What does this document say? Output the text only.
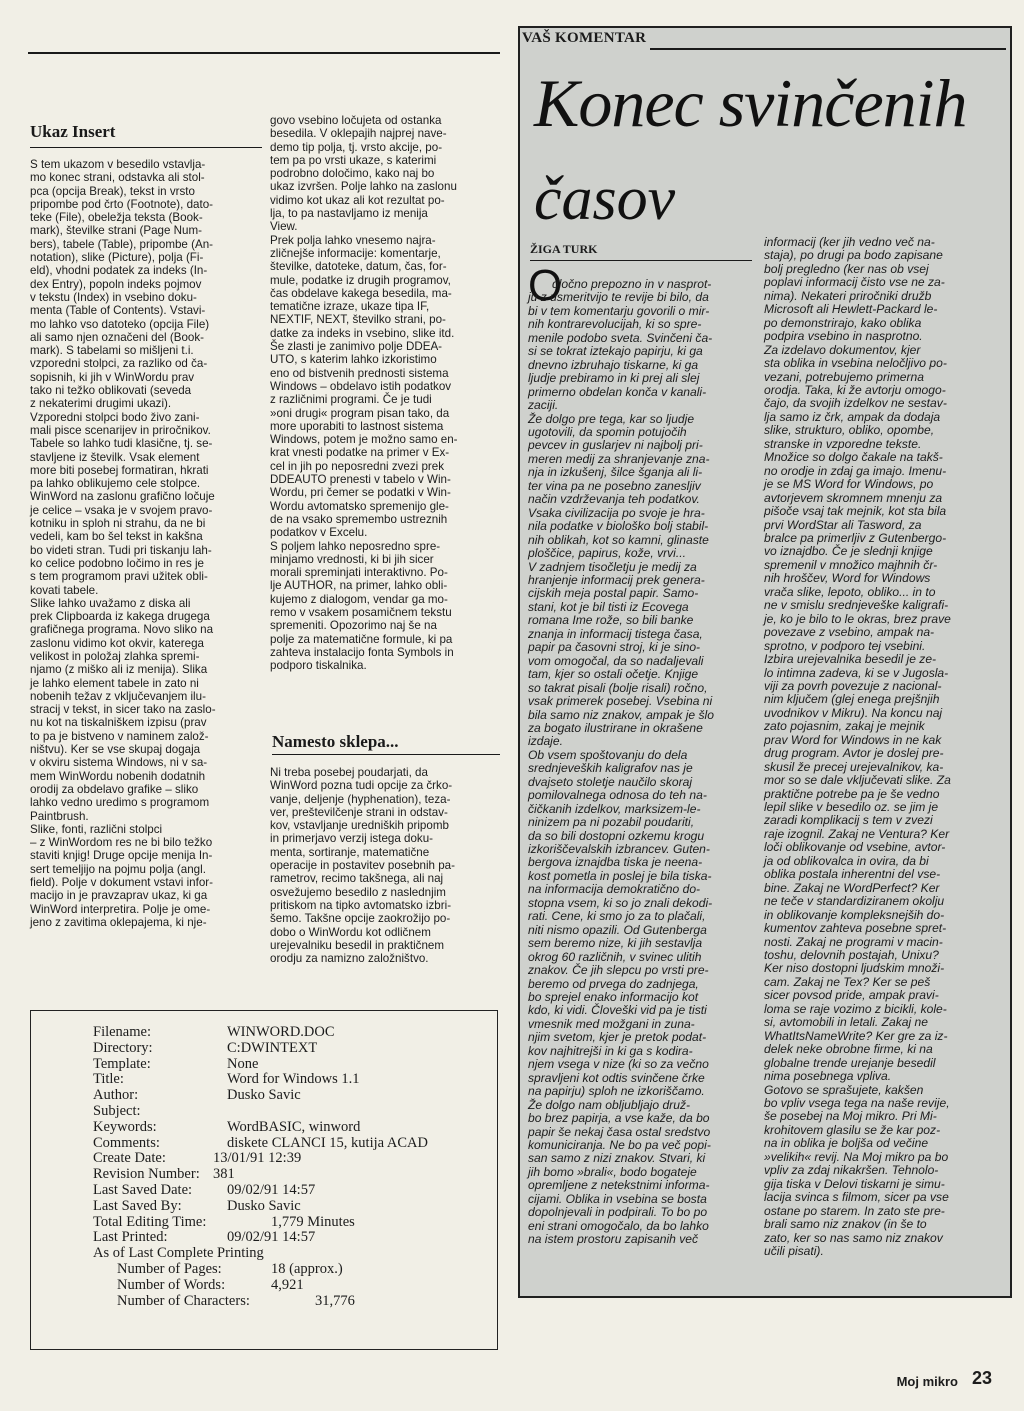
Ukaz Insert
S tem ukazom v besedilo vstavlja-
mo konec strani, odstavka ali stol-
pca (opcija Break), tekst in vrsto
pripombe pod črto (Footnote), dato-
teke (File), obeležja teksta (Book-
mark), številke strani (Page Num-
bers), tabele (Table), pripombe (An-
notation), slike (Picture), polja (Fi-
eld), vhodni podatek za indeks (In-
dex Entry), popoln indeks pojmov
v tekstu (Index) in vsebino doku-
menta (Table of Contents). Vstavi-
mo lahko vso datoteko (opcija File)
ali samo njen označeni del (Book-
mark). S tabelami so mišljeni t.i.
vzporedni stolpci, za razliko od ča-
sopisnih, ki jih v WinWordu prav
tako ni težko oblikovati (seveda
z nekaterimi drugimi ukazi).
Vzporedni stolpci bodo živo zani-
mali pisce scenarijev in priročnikov.
Tabele so lahko tudi klasične, tj. se-
stavljene iz številk. Vsak element
more biti posebej formatiran, hkrati
pa lahko oblikujemo cele stolpce.
WinWord na zaslonu grafično ločuje
je celice – vsaka je v svojem pravo-
kotniku in sploh ni strahu, da ne bi
vedeli, kam bo šel tekst in kakšna
bo videti stran. Tudi pri tiskanju lah-
ko celice podobno ločimo in res je
s tem programom pravi užitek obli-
kovati tabele.
Slike lahko uvažamo z diska ali
prek Clipboarda iz kakega drugega
grafičnega programa. Novo sliko na
zaslonu vidimo kot okvir, katerega
velikost in položaj zlahka spremi-
njamo (z miško ali iz menija). Slika
je lahko element tabele in zato ni
nobenih težav z vključevanjem ilu-
stracij v tekst, in sicer tako na zaslo-
nu kot na tiskalniškem izpisu (prav
to pa je bistveno v naminem založ-
ništvu). Ker se vse skupaj dogaja
v okviru sistema Windows, ni v sa-
mem WinWordu nobenih dodatnih
orodij za obdelavo grafike – sliko
lahko vedno uredimo s programom
Paintbrush.
Slike, fonti, različni stolpci
– z WinWordom res ne bi bilo težko
staviti knjig! Druge opcije menija In-
sert temeljijo na pojmu polja (angl.
field). Polje v dokument vstavi infor-
macijo in je pravzaprav ukaz, ki ga
WinWord interpretira. Polje je ome-
jeno z zavitima oklepajema, ki nje-
govo vsebino ločujeta od ostanka
besedila. V oklepajih najprej nave-
demo tip polja, tj. vrsto akcije, po-
tem pa po vrsti ukaze, s katerimi
podrobno določimo, kako naj bo
ukaz izvršen. Polje lahko na zaslonu
vidimo kot ukaz ali kot rezultat po-
lja, to pa nastavljamo iz menija
View.
Prek polja lahko vnesemo najra-
zličnejše informacije: komentarje,
številke, datoteke, datum, čas, for-
mule, podatke iz drugih programov,
čas obdelave kakega besedila, ma-
tematične izraze, ukaze tipa IF,
NEXTIF, NEXT, številko strani, po-
datke za indeks in vsebino, slike itd.
Še zlasti je zanimivo polje DDEA-
UTO, s katerim lahko izkoristimo
eno od bistvenih prednosti sistema
Windows – obdelavo istih podatkov
z različnimi programi. Če je tudi
»oni drugi« program pisan tako, da
more uporabiti to lastnost sistema
Windows, potem je možno samo en-
krat vnesti podatke na primer v Ex-
cel in jih po neposredni zvezi prek
DDEAUTO prenesti v tabelo v Win-
Wordu, pri čemer se podatki v Win-
Wordu avtomatsko spremenijo gle-
de na vsako spremembo ustreznih
podatkov v Excelu.
S poljem lahko neposredno spre-
minjamo vrednosti, ki bi jih sicer
morali spreminjati interaktivno. Po-
lje AUTHOR, na primer, lahko obli-
kujemo z dialogom, vendar ga mo-
remo v vsakem posamičnem tekstu
spremeniti. Opozorimo naj še na
polje za matematične formule, ki pa
zahteva instalacijo fonta Symbols in
podporo tiskalnika.
Namesto sklepa...
Ni treba posebej poudarjati, da
WinWord pozna tudi opcije za črko-
vanje, deljenje (hyphenation), teza-
ver, preštevilčenje strani in odstav-
kov, vstavljanje uredniških pripomb
in primerjavo verzij istega doku-
menta, sortiranje, matematične
operacije in postavitev posebnih pa-
rametrov, recimo takšnega, ali naj
osvežujemo besedilo z naslednjim
pritiskom na tipko avtomatsko izbri-
šemo. Takšne opcije zaokrožijo po-
dobo o WinWordu kot odličnem
urejevalniku besedil in praktičnem
orodju za namizno založništvo.
Filename:	WINWORD.DOC
Directory:	C:DWINTEXT
Template:	None
Title:	Word for Windows 1.1
Author:	Dusko Savic
Subject:
Keywords:	WordBASIC, winword
Comments:	diskete CLANCI 15, kutija ACAD
Create Date:	13/01/91 12:39
Revision Number: 381
Last Saved Date: 09/02/91 14:57
Last Saved By:	Dusko Savic
Total Editing Time:	1,779 Minutes
Last Printed:	09/02/91 14:57
As of Last Complete Printing
Number of Pages:	18 (approx.)
Number of Words:	4,921
Number of Characters:	31,776
VAŠ KOMENTAR
Konec svinčenih
časov
ŽIGA TURK
O
dločno prepozno in v nasprot-
ju z usmeritvijo te revije bi bilo, da
bi v tem komentarju govorili o mir-
nih kontrarevolucijah, ki so spre-
menile podobo sveta. Svinčeni ča-
si se tokrat iztekajo papirju, ki ga
dnevno izbruhajo tiskarne, ki ga
ljudje prebiramo in ki prej ali slej
primerno obdelan konča v kanali-
zaciji.
Že dolgo pre tega, kar so ljudje
ugotovili, da spomin potujočih
pevcev in guslarjev ni najbolj pri-
meren medij za shranjevanje zna-
nja in izkušenj, šilce šganja ali li-
ter vina pa ne posebno zanesljiv
način vzdrževanja teh podatkov.
Vsaka civilizacija po svoje je hra-
nila podatke v biološko bolj stabil-
nih oblikah, kot so kamni, glinaste
ploščice, papirus, kože, vrvi...
V zadnjem tisočletju je medij za
hranjenje informacij prek genera-
cijskih meja postal papir. Samo-
stani, kot je bil tisti iz Ecovega
romana Ime rože, so bili banke
znanja in informacij tistega časa,
papir pa časovni stroj, ki je sino-
vom omogočal, da so nadaljevali
tam, kjer so ostali očetje. Knjige
so takrat pisali (bolje risali) ročno,
vsak primerek posebej. Vsebina ni
bila samo niz znakov, ampak je šlo
za bogato ilustrirane in okrašene
izdaje.
Ob vsem spoštovanju do dela
srednjeveških kaligrafov nas je
dvajseto stoletje naučilo skoraj
pomilovalnega odnosa do teh na-
čičkanih izdelkov, marksizem-le-
ninizem pa ni pozabil poudariti,
da so bili dostopni ozkemu krogu
izkoriščevalskih izbrancev. Guten-
bergova iznajdba tiska je neena-
kost pometla in poslej je bila tiska-
na informacija demokratično do-
stopna vsem, ki so jo znali dekodi-
rati. Cene, ki smo jo za to plačali,
niti nismo opazili. Od Gutenberga
sem beremo nize, ki jih sestavlja
okrog 60 različnih, v svinec ulitih
znakov. Če jih slepcu po vrsti pre-
beremo od prvega do zadnjega,
bo sprejel enako informacijo kot
kdo, ki vidi. Človeški vid pa je tisti
vmesnik med možgani in zuna-
njim svetom, kjer je pretok podat-
kov najhitrejši in ki ga s kodira-
njem vsega v nize (ki so za večno
spravljeni kot odtis svinčene črke
na papirju) sploh ne izkoriščamo.
Že dolgo nam obljubljajo druž-
bo brez papirja, a vse kaže, da bo
papir še nekaj časa ostal sredstvo
komuniciranja. Ne bo pa več popi-
san samo z nizi znakov. Stvari, ki
jih bomo »brali«, bodo bogateje
opremljene z netekstnimi informa-
cijami. Oblika in vsebina se bosta
dopolnjevali in podpirali. To bo po
eni strani omogočalo, da bo lahko
na istem prostoru zapisanih več
informacij (ker jih vedno več na-
staja), po drugi pa bodo zapisane
bolj pregledno (ker nas ob vsej
poplavi informacij čisto vse ne za-
nima). Nekateri priročniki družb
Microsoft ali Hewlett-Packard le-
po demonstrirajo, kako oblika
podpira vsebino in nasprotno.
Za izdelavo dokumentov, kjer
sta oblika in vsebina neločljivo po-
vezani, potrebujemo primerna
orodja. Taka, ki že avtorju omogo-
čajo, da svojih izdelkov ne sestav-
lja samo iz črk, ampak da dodaja
slike, strukturo, obliko, opombe,
stranske in vzporedne tekste.
Množice so dolgo čakale na takš-
no orodje in zdaj ga imajo. Imenu-
je se MS Word for Windows, po
avtorjevem skromnem mnenju za
pišoče vsaj tak mejnik, kot sta bila
prvi WordStar ali Tasword, za
bralce pa primerljiv z Gutenbergo-
vo iznajdbo. Če je slednji knjige
spremenil v množico majhnih čr-
nih hroščev, Word for Windows
vrača slike, lepoto, obliko... in to
ne v smislu srednjeveške kaligrafi-
je, ko je bilo to le okras, brez prave
povezave z vsebino, ampak na-
sprotno, v podporo tej vsebini.
Izbira urejevalnika besedil je ze-
lo intimna zadeva, ki se v Jugosla-
viji za povrh povezuje z nacional-
nim ključem (glej enega prejšnjih
uvodnikov v Mikru). Na koncu naj
zato pojasnim, zakaj je mejnik
prav Word for Windows in ne kak
drug program. Avtor je doslej pre-
skusil že precej urejevalnikov, ka-
mor so se dale vključevati slike. Za
praktične potrebe pa je še vedno
lepil slike v besedilo oz. se jim je
zaradi komplikacij s tem v zvezi
raje izognil. Zakaj ne Ventura? Ker
loči oblikovanje od vsebine, avtor-
ja od oblikovalca in ovira, da bi
oblika postala inherentni del vse-
bine. Zakaj ne WordPerfect? Ker
ne teče v standardiziranem okolju
in oblikovanje kompleksnejših do-
kumentov zahteva posebne spret-
nosti. Zakaj ne programi v macin-
toshu, delovnih postajah, Unixu?
Ker niso dostopni ljudskim množi-
cam. Zakaj ne Tex? Ker se peš
sicer povsod pride, ampak pravi-
loma se raje vozimo z bicikli, kole-
si, avtomobili in letali. Zakaj ne
WhatItsNameWrite? Ker gre za iz-
delek neke obrobne firme, ki na
globalne trende urejanje besedil
nima posebnega vpliva.
Gotovo se sprašujete, kakšen
bo vpliv vsega tega na naše revije,
še posebej na Moj mikro. Pri Mi-
krohitovem glasilu se že kar poz-
na in oblika je boljša od večine
»velikih« revij. Na Moj mikro pa bo
vpliv za zdaj nikakršen. Tehnolo-
gija tiska v Delovi tiskarni je simu-
lacija svinca s filmom, sicer pa vse
ostane po starem. In zato ste pre-
brali samo niz znakov (in še to
zato, ker so nas samo niz znakov
učili pisati).
Moj mikro 23
